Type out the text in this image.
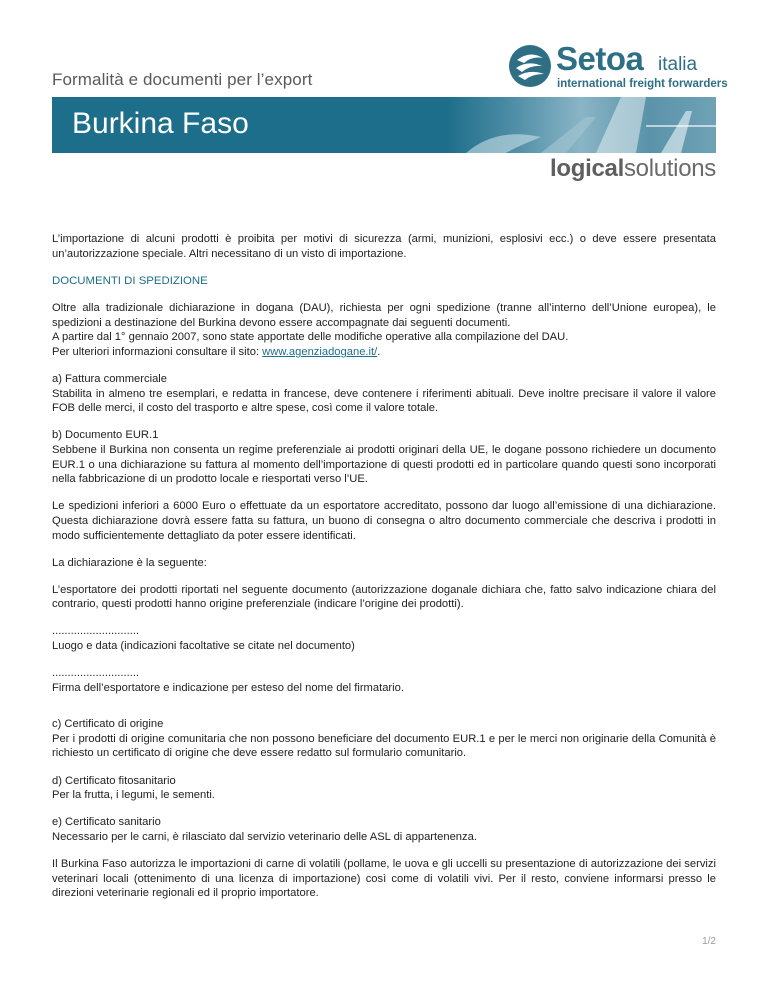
Formalità e documenti per l’export
Setoa italia
international freight forwarders
Burkina Faso
logicalsolutions

L’importazione di alcuni prodotti è proibita per motivi di sicurezza (armi, munizioni, esplosivi ecc.) o deve essere presentata un’autorizzazione speciale. Altri necessitano di un visto di importazione.

DOCUMENTI DI SPEDIZIONE

Oltre alla tradizionale dichiarazione in dogana (DAU), richiesta per ogni spedizione (tranne all’interno dell’Unione europea), le spedizioni a destinazione del Burkina devono essere accompagnate dai seguenti documenti.
A partire dal 1° gennaio 2007, sono state apportate delle modifiche operative alla compilazione del DAU.
Per ulteriori informazioni consultare il sito: www.agenziadogane.it/.

a) Fattura commerciale
Stabilita in almeno tre esemplari, e redatta in francese, deve contenere i riferimenti abituali. Deve inoltre precisare il valore il valore FOB delle merci, il costo del trasporto e altre spese, così come il valore totale.

b) Documento EUR.1
Sebbene il Burkina non consenta un regime preferenziale ai prodotti originari della UE, le dogane possono richiedere un documento EUR.1 o una dichiarazione su fattura al momento dell’importazione di questi prodotti ed in particolare quando questi sono incorporati nella fabbricazione di un prodotto locale e riesportati verso l’UE.

Le spedizioni inferiori a 6000 Euro o effettuate da un esportatore accreditato, possono dar luogo all’emissione di una dichiarazione. Questa dichiarazione dovrà essere fatta su fattura, un buono di consegna o altro documento commerciale che descriva i prodotti in modo sufficientemente dettagliato da poter essere identificati.

La dichiarazione è la seguente:

L’esportatore dei prodotti riportati nel seguente documento (autorizzazione doganale dichiara che, fatto salvo indicazione chiara del contrario, questi prodotti hanno origine preferenziale (indicare l’origine dei prodotti).

............................
Luogo e data (indicazioni facoltative se citate nel documento)

............................
Firma dell’esportatore e indicazione per esteso del nome del firmatario.

c) Certificato di origine
Per i prodotti di origine comunitaria che non possono beneficiare del documento EUR.1 e per le merci non originarie della Comunità è richiesto un certificato di origine che deve essere redatto sul formulario comunitario.

d) Certificato fitosanitario
Per la frutta, i legumi, le sementi.

e) Certificato sanitario
Necessario per le carni, è rilasciato dal servizio veterinario delle ASL di appartenenza.

Il Burkina Faso autorizza le importazioni di carne di volatili (pollame, le uova e gli uccelli su presentazione di autorizzazione dei servizi veterinari locali (ottenimento di una licenza di importazione) così come di volatili vivi. Per il resto, conviene informarsi presso le direzioni veterinarie regionali ed il proprio importatore.

1/2
